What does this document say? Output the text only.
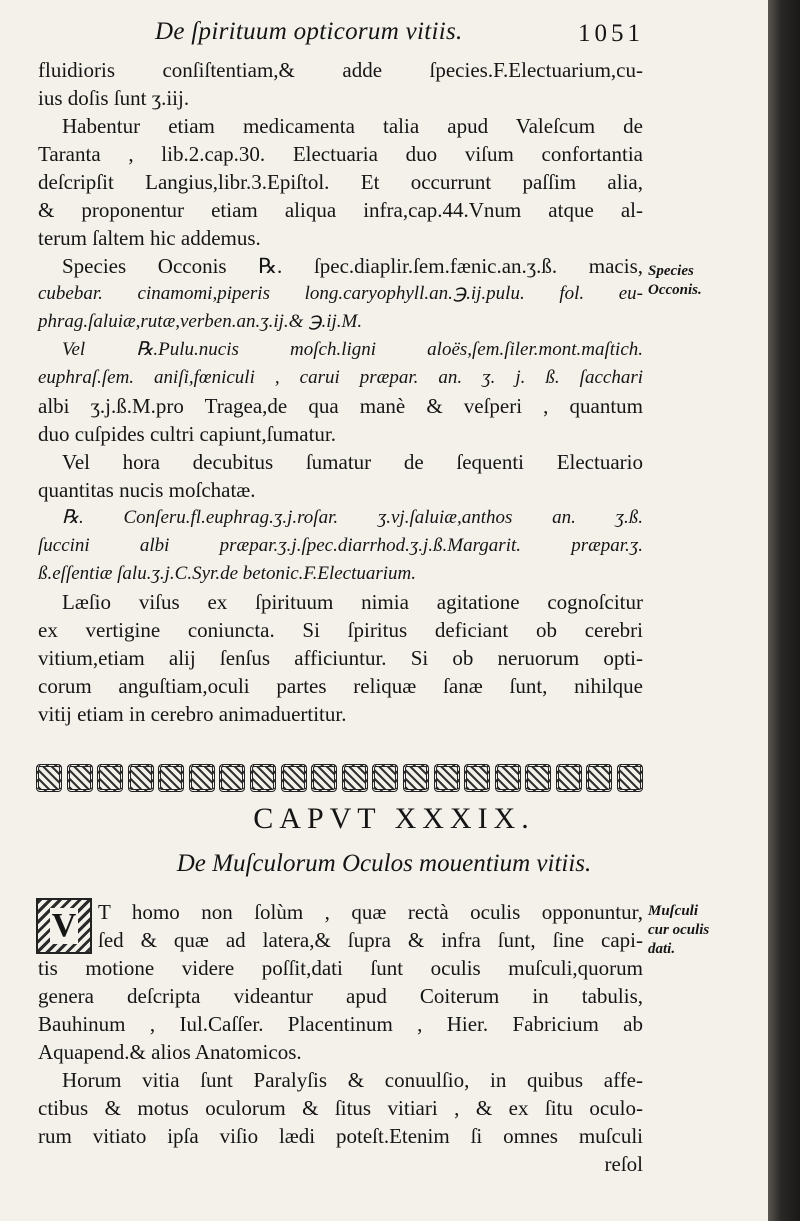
De ſpirituum opticorum vitiis.	1051
fluidioris conſiſtentiam,& adde ſpecies.F.Electuarium,cu-
ius doſis ſunt ʒ.iij.
Habentur etiam medicamenta talia apud Valeſcum de
Taranta , lib.2.cap.30. Electuaria duo viſum confortantia
deſcripſit Langius,libr.3.Epiſtol. Et occurrunt paſſim alia,
& proponentur etiam aliqua infra,cap.44.Vnum atque al-
terum ſaltem hic addemus.
Species Occonis ℞. ſpec.diaplir.ſem.fænic.an.ʒ.ß. macis,
cubebar. cinamomi,piperis long.caryophyll.an.℈.ij.pulu. fol. eu-
phrag.ſaluiæ,rutæ,verben.an.ʒ.ij.& ℈.ij.M.
Vel ℞.Pulu.nucis moſch.ligni aloës,ſem.ſiler.mont.maſtich.
euphraſ.ſem. aniſi,fœniculi , carui præpar. an. ʒ. j. ß. ſacchari
albi ʒ.j.ß.M.pro Tragea,de qua manè & veſperi , quantum
duo cuſpides cultri capiunt,ſumatur.
Vel hora decubitus ſumatur de ſequenti Electuario
quantitas nucis moſchatæ.
℞. Conſeru.fl.euphrag.ʒ.j.roſar. ʒ.vj.ſaluiæ,anthos an. ʒ.ß.
ſuccini albi præpar.ʒ.j.ſpec.diarrhod.ʒ.j.ß.Margarit. præpar.ʒ.
ß.eſſentiæ ſalu.ʒ.j.C.Syr.de betonic.F.Electuarium.
Læſio viſus ex ſpirituum nimia agitatione cognoſcitur
ex vertigine coniuncta. Si ſpiritus deficiant ob cerebri
vitium,etiam alij ſenſus afficiuntur. Si ob neruorum opti-
corum anguſtiam,oculi partes reliquæ ſanæ ſunt, nihilque
vitij etiam in cerebro animaduertitur.
Species
Occonis.
CAPVT XXXIX.
De Muſculorum Oculos mouentium vitiis.
V	T homo non ſolùm , quæ rectà oculis opponuntur,
ſed & quæ ad latera,& ſupra & infra ſunt, ſine capi-
tis motione videre poſſit,dati ſunt oculis muſculi,quorum
genera deſcripta videantur apud Coiterum in tabulis,
Bauhinum , Iul.Caſſer. Placentinum , Hier. Fabricium ab
Aquapend.& alios Anatomicos.
Horum vitia ſunt Paralyſis & conuulſio, in quibus affe-
ctibus & motus oculorum & ſitus vitiari , & ex ſitu oculo-
rum vitiato ipſa viſio lædi poteſt.Etenim ſi omnes muſculi
reſol
Muſculi
cur oculis
dati.
